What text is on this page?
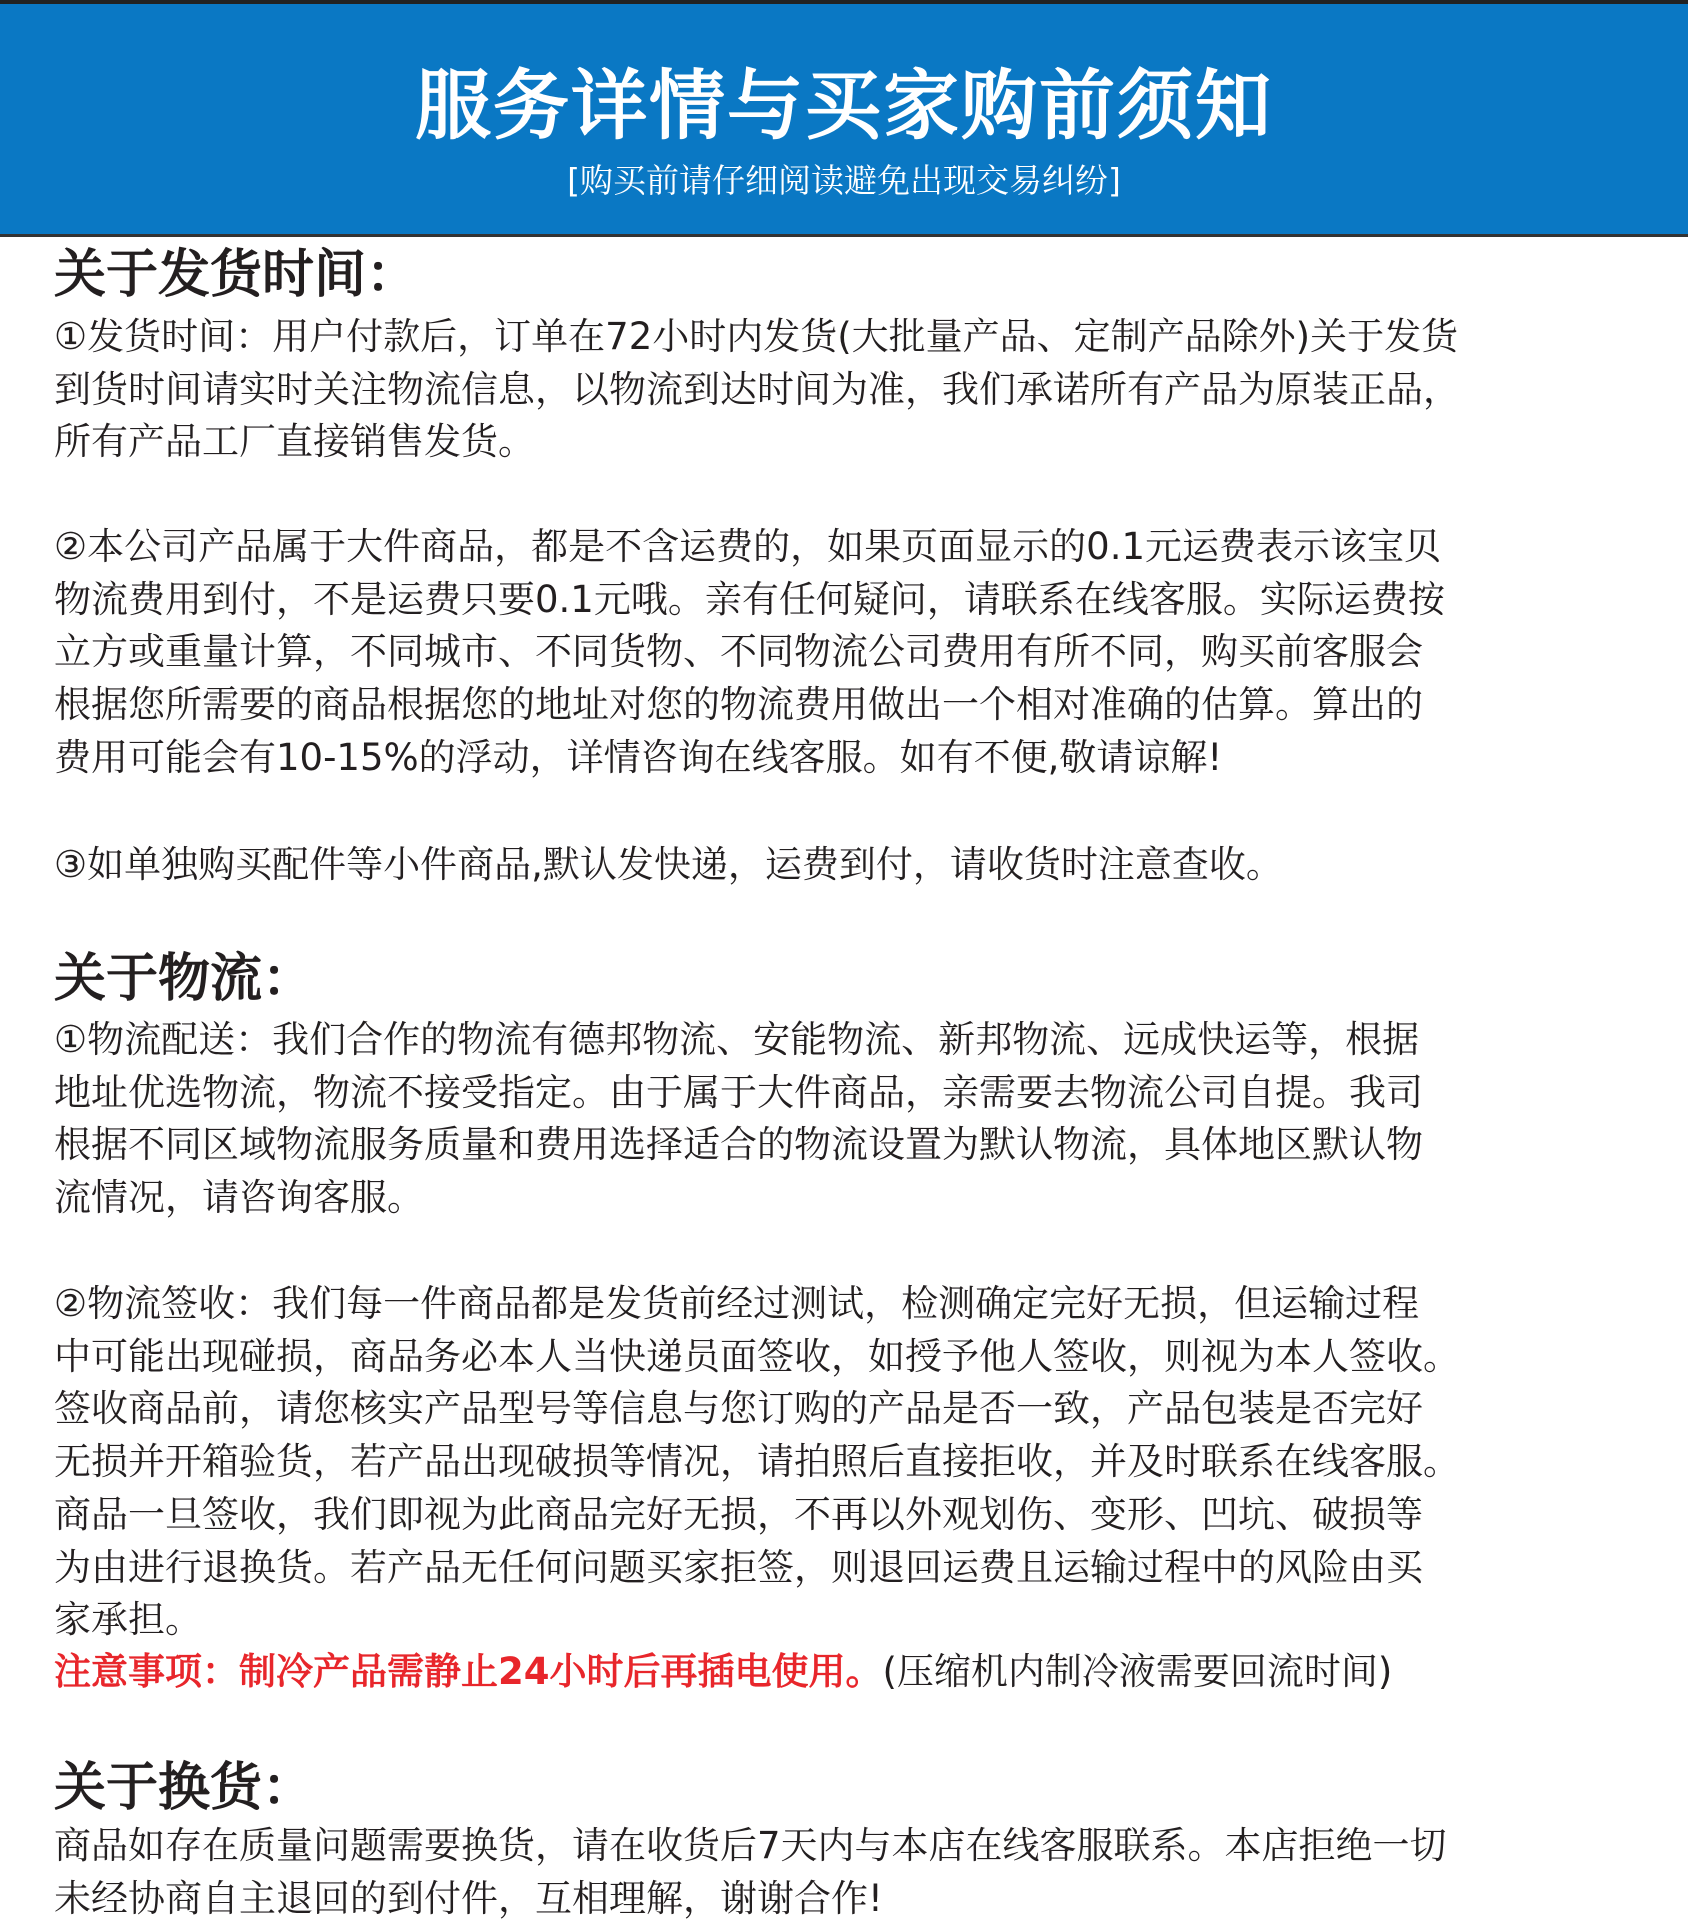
服务详情与买家购前须知
[购买前请仔细阅读避免出现交易纠纷]
关于发货时间：
①发货时间：用户付款后，订单在72小时内发货(大批量产品、定制产品除外)关于发货
到货时间请实时关注物流信息，以物流到达时间为准，我们承诺所有产品为原装正品，
所有产品工厂直接销售发货。
②本公司产品属于大件商品，都是不含运费的，如果页面显示的0.1元运费表示该宝贝
物流费用到付，不是运费只要0.1元哦。亲有任何疑问，请联系在线客服。实际运费按
立方或重量计算，不同城市、不同货物、不同物流公司费用有所不同，购买前客服会
根据您所需要的商品根据您的地址对您的物流费用做出一个相对准确的估算。算出的
费用可能会有10-15%的浮动，详情咨询在线客服。如有不便,敬请谅解!
③如单独购买配件等小件商品,默认发快递，运费到付，请收货时注意查收。
关于物流：
①物流配送：我们合作的物流有德邦物流、安能物流、新邦物流、远成快运等，根据
地址优选物流，物流不接受指定。由于属于大件商品，亲需要去物流公司自提。我司
根据不同区域物流服务质量和费用选择适合的物流设置为默认物流，具体地区默认物
流情况，请咨询客服。
②物流签收：我们每一件商品都是发货前经过测试，检测确定完好无损，但运输过程
中可能出现碰损，商品务必本人当快递员面签收，如授予他人签收，则视为本人签收。
签收商品前，请您核实产品型号等信息与您订购的产品是否一致，产品包装是否完好
无损并开箱验货，若产品出现破损等情况，请拍照后直接拒收，并及时联系在线客服。
商品一旦签收，我们即视为此商品完好无损，不再以外观划伤、变形、凹坑、破损等
为由进行退换货。若产品无任何问题买家拒签，则退回运费且运输过程中的风险由买
家承担。
注意事项：制冷产品需静止24小时后再插电使用。(压缩机内制冷液需要回流时间)
关于换货：
商品如存在质量问题需要换货，请在收货后7天内与本店在线客服联系。本店拒绝一切
未经协商自主退回的到付件，互相理解，谢谢合作!
